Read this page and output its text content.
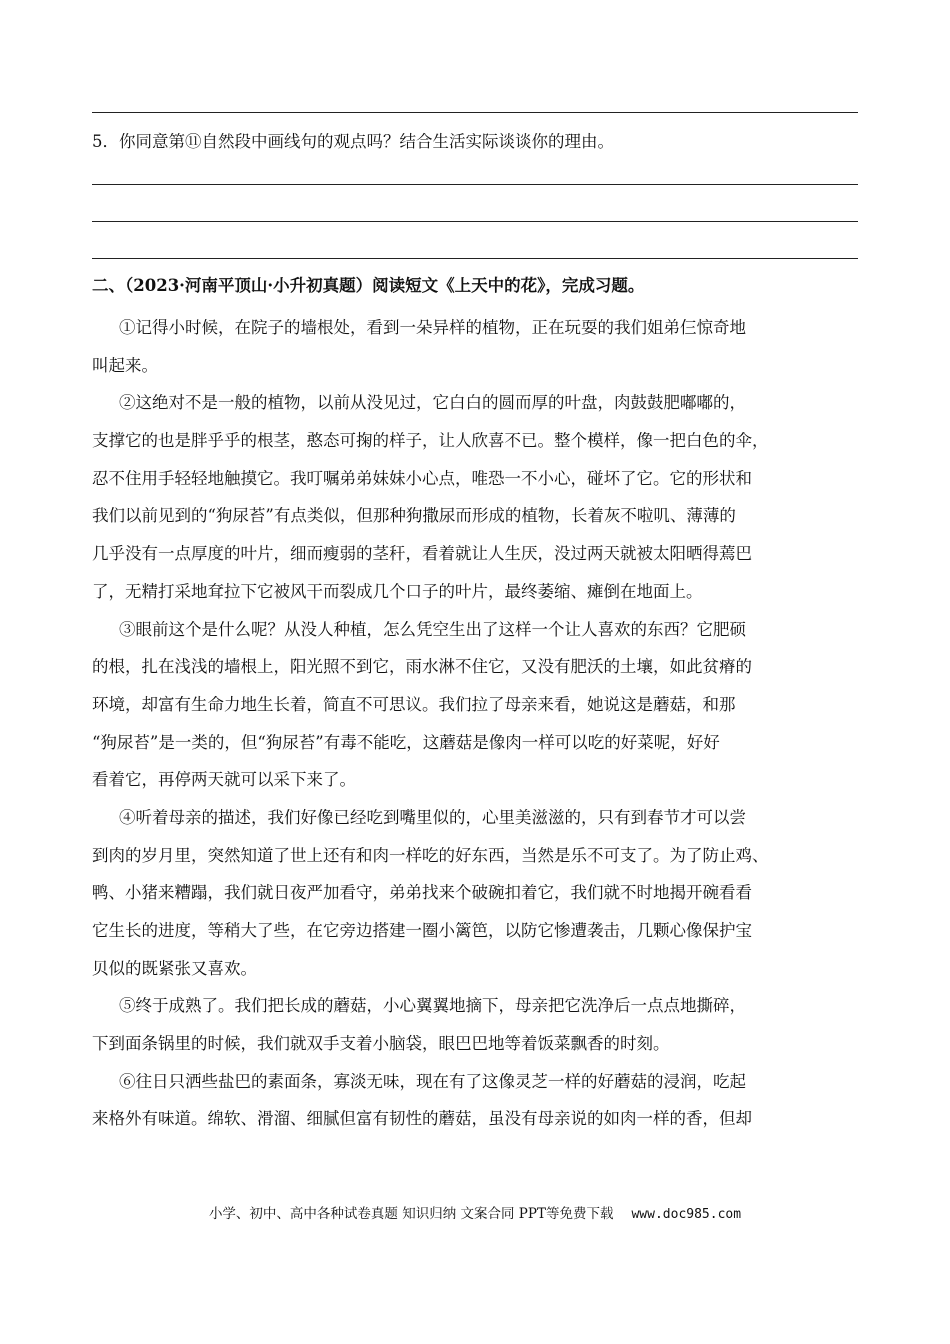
5．你同意第⑪自然段中画线句的观点吗？结合生活实际谈谈你的理由。
二、（2023·河南平顶山·小升初真题）阅读短文《上天中的花》，完成习题。
①记得小时候，在院子的墙根处，看到一朵异样的植物，正在玩耍的我们姐弟仨惊奇地
叫起来。
②这绝对不是一般的植物，以前从没见过，它白白的圆而厚的叶盘，肉鼓鼓肥嘟嘟的，
支撑它的也是胖乎乎的根茎，憨态可掬的样子，让人欣喜不已。整个模样，像一把白色的伞，
忍不住用手轻轻地触摸它。我叮嘱弟弟妹妹小心点，唯恐一不小心，碰坏了它。它的形状和
我们以前见到的“狗尿苔”有点类似，但那种狗撒尿而形成的植物，长着灰不啦叽、薄薄的
几乎没有一点厚度的叶片，细而瘦弱的茎秆，看着就让人生厌，没过两天就被太阳晒得蔫巴
了，无精打采地耷拉下它被风干而裂成几个口子的叶片，最终萎缩、瘫倒在地面上。
③眼前这个是什么呢？从没人种植，怎么凭空生出了这样一个让人喜欢的东西？它肥硕
的根，扎在浅浅的墙根上，阳光照不到它，雨水淋不住它，又没有肥沃的土壤，如此贫瘠的
环境，却富有生命力地生长着，简直不可思议。我们拉了母亲来看，她说这是蘑菇，和那
“狗尿苔”是一类的，但“狗尿苔”有毒不能吃，这蘑菇是像肉一样可以吃的好菜呢，好好
看着它，再停两天就可以采下来了。
④听着母亲的描述，我们好像已经吃到嘴里似的，心里美滋滋的，只有到春节才可以尝
到肉的岁月里，突然知道了世上还有和肉一样吃的好东西，当然是乐不可支了。为了防止鸡、
鸭、小猪来糟蹋，我们就日夜严加看守，弟弟找来个破碗扣着它，我们就不时地揭开碗看看
它生长的进度，等稍大了些，在它旁边搭建一圈小篱笆，以防它惨遭袭击，几颗心像保护宝
贝似的既紧张又喜欢。
⑤终于成熟了。我们把长成的蘑菇，小心翼翼地摘下，母亲把它洗净后一点点地撕碎，
下到面条锅里的时候，我们就双手支着小脑袋，眼巴巴地等着饭菜飘香的时刻。
⑥往日只洒些盐巴的素面条，寡淡无味，现在有了这像灵芝一样的好蘑菇的浸润，吃起
来格外有味道。绵软、滑溜、细腻但富有韧性的蘑菇，虽没有母亲说的如肉一样的香，但却
小学、初中、高中各种试卷真题 知识归纳 文案合同 PPT等免费下载 www.doc985.com
